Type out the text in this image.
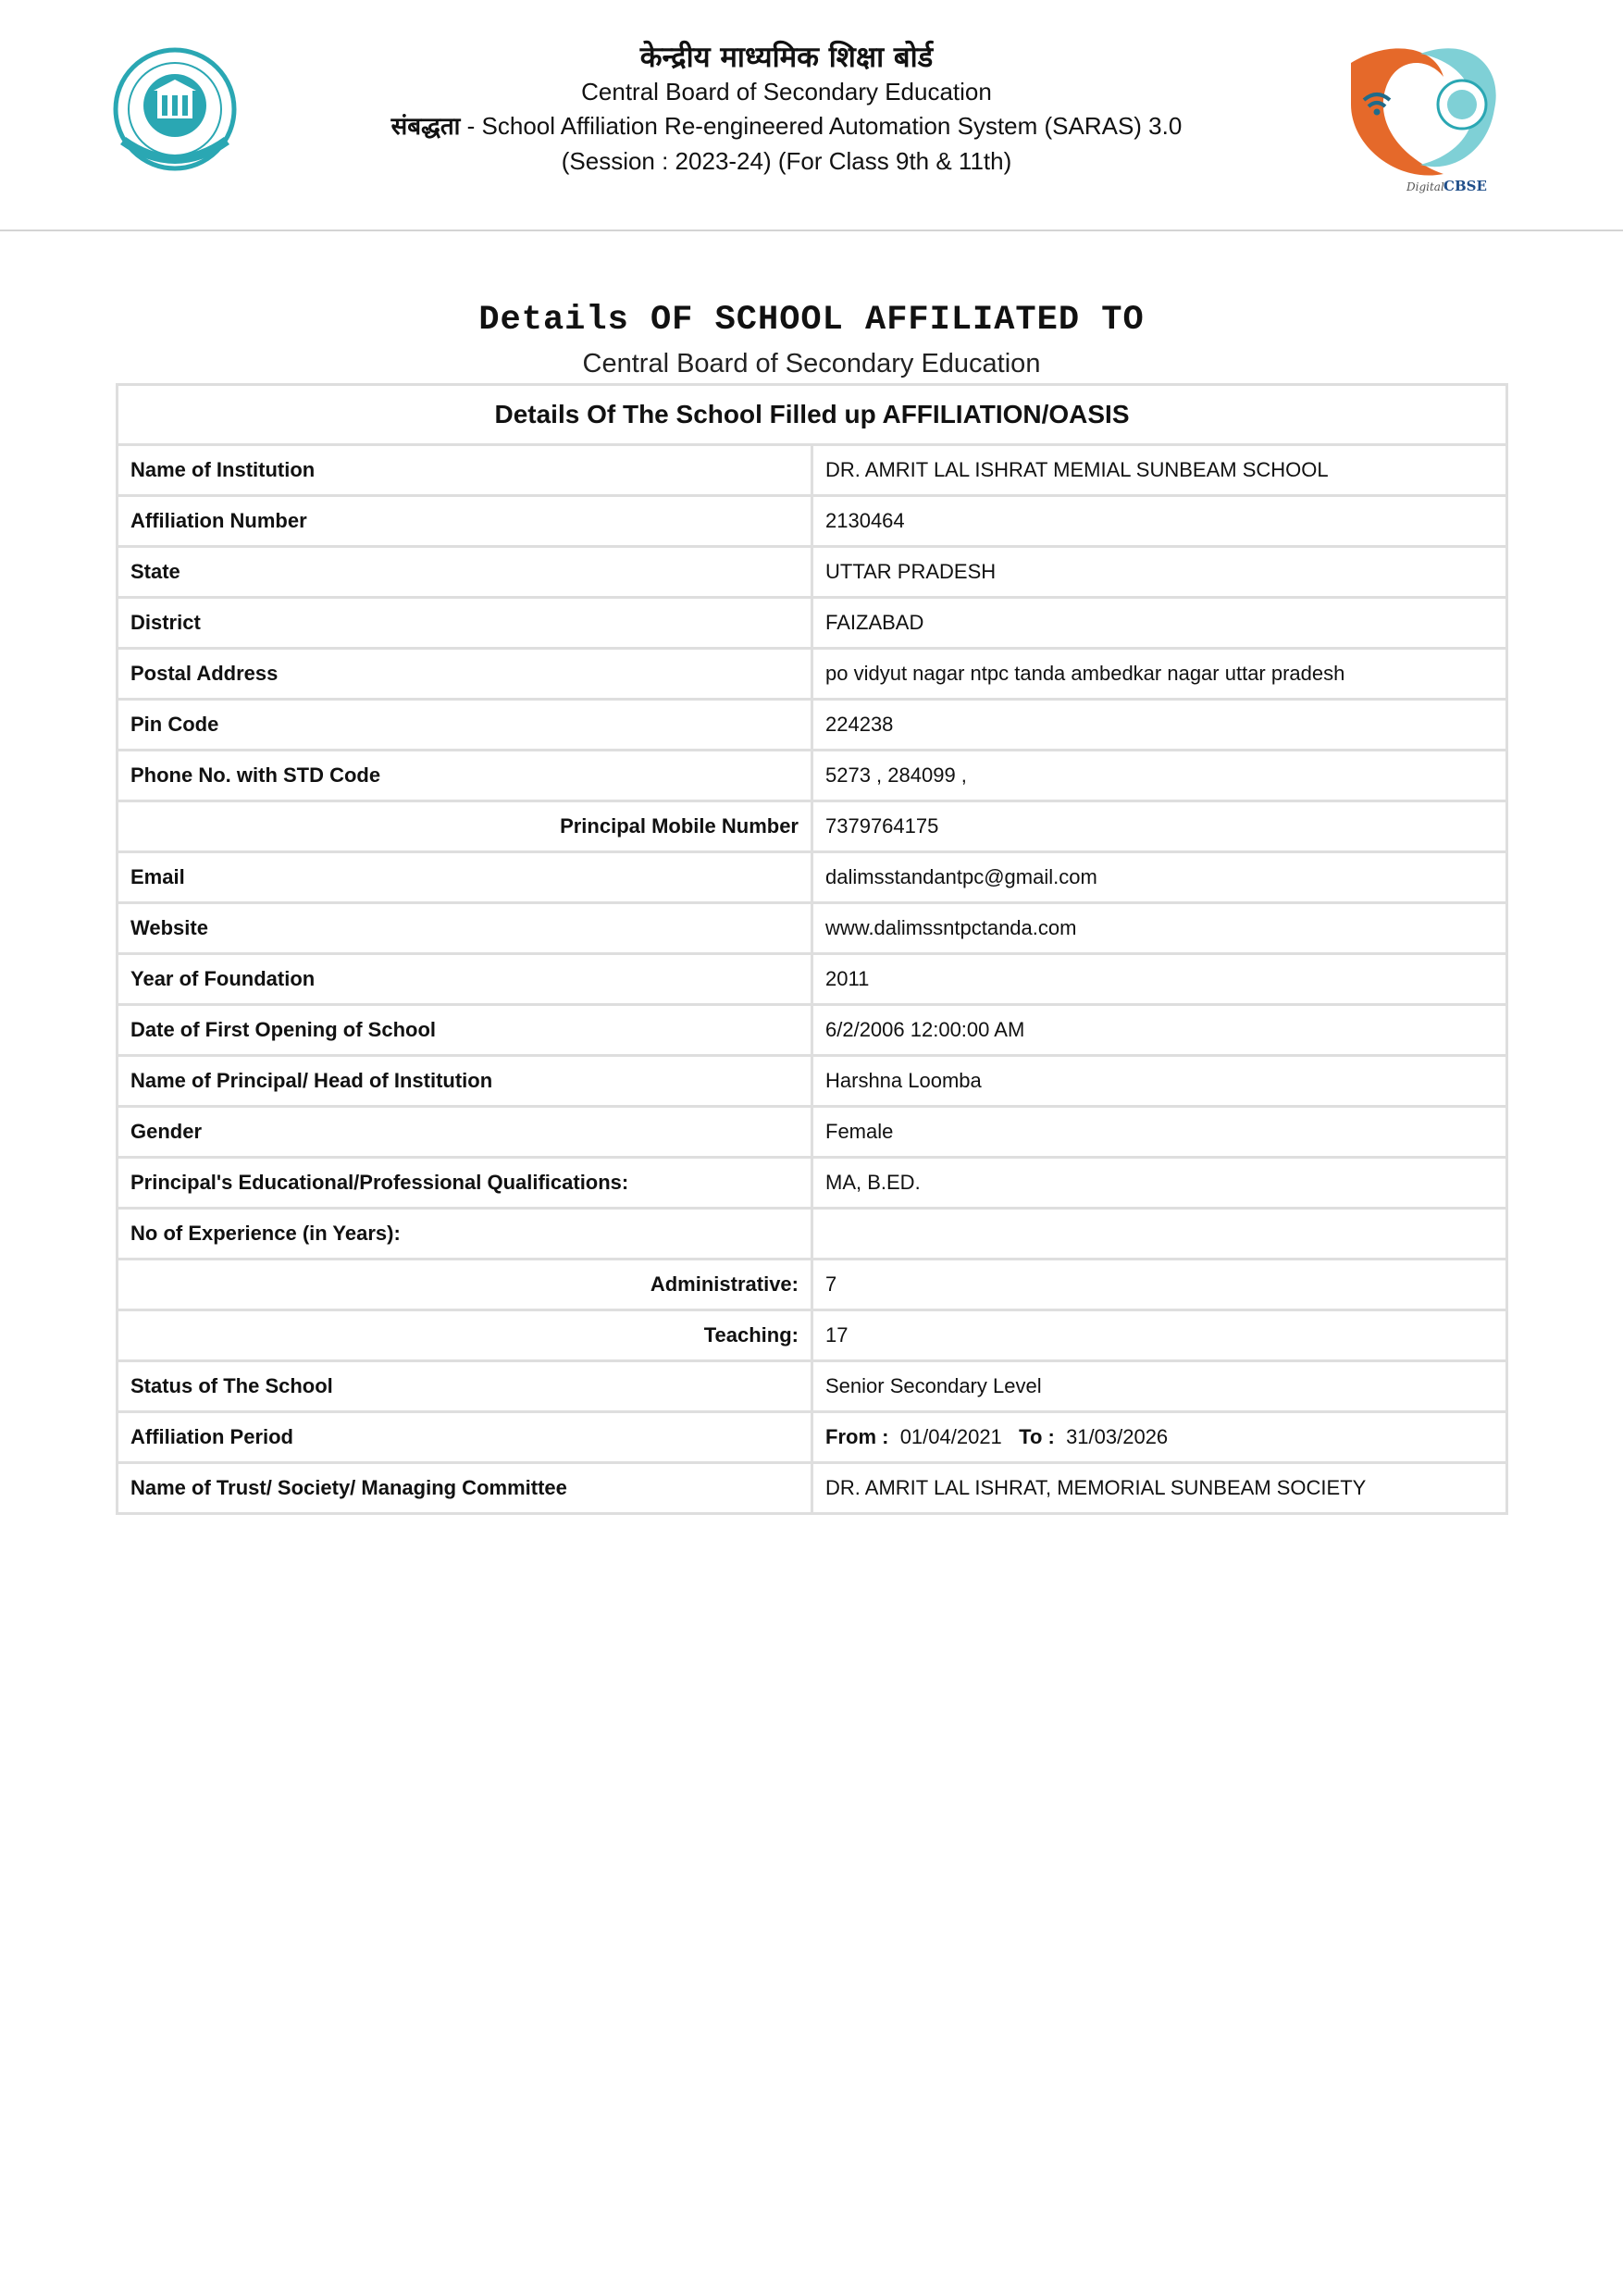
भारत
केन्द्रीय माध्यमिक शिक्षा बोर्ड
Central Board of Secondary Education
संबद्धता - School Affiliation Re-engineered Automation System (SARAS) 3.0
(Session : 2023-24) (For Class 9th & 11th)
Digital CBSE
Details OF SCHOOL AFFILIATED TO
Central Board of Secondary Education
Details Of The School Filled up AFFILIATION/OASIS	
Name of Institution	DR. AMRIT LAL ISHRAT MEMIAL SUNBEAM SCHOOL
Affiliation Number	2130464
State	UTTAR PRADESH
District	FAIZABAD
Postal Address	po vidyut nagar ntpc tanda ambedkar nagar uttar pradesh
Pin Code	224238
Phone No. with STD Code	5273 , 284099 ,
Principal Mobile Number	7379764175
Email	dalimsstandantpc@gmail.com
Website	www.dalimssntpctanda.com
Year of Foundation	2011
Date of First Opening of School	6/2/2006 12:00:00 AM
Name of Principal/ Head of Institution	Harshna Loomba
Gender	Female
Principal's Educational/Professional Qualifications:	MA, B.ED.
No of Experience (in Years):	
Administrative:	7
Teaching:	17
Status of The School	Senior Secondary Level
Affiliation Period	From : 01/04/2021 To : 31/03/2026
Name of Trust/ Society/ Managing Committee	DR. AMRIT LAL ISHRAT, MEMORIAL SUNBEAM SOCIETY
